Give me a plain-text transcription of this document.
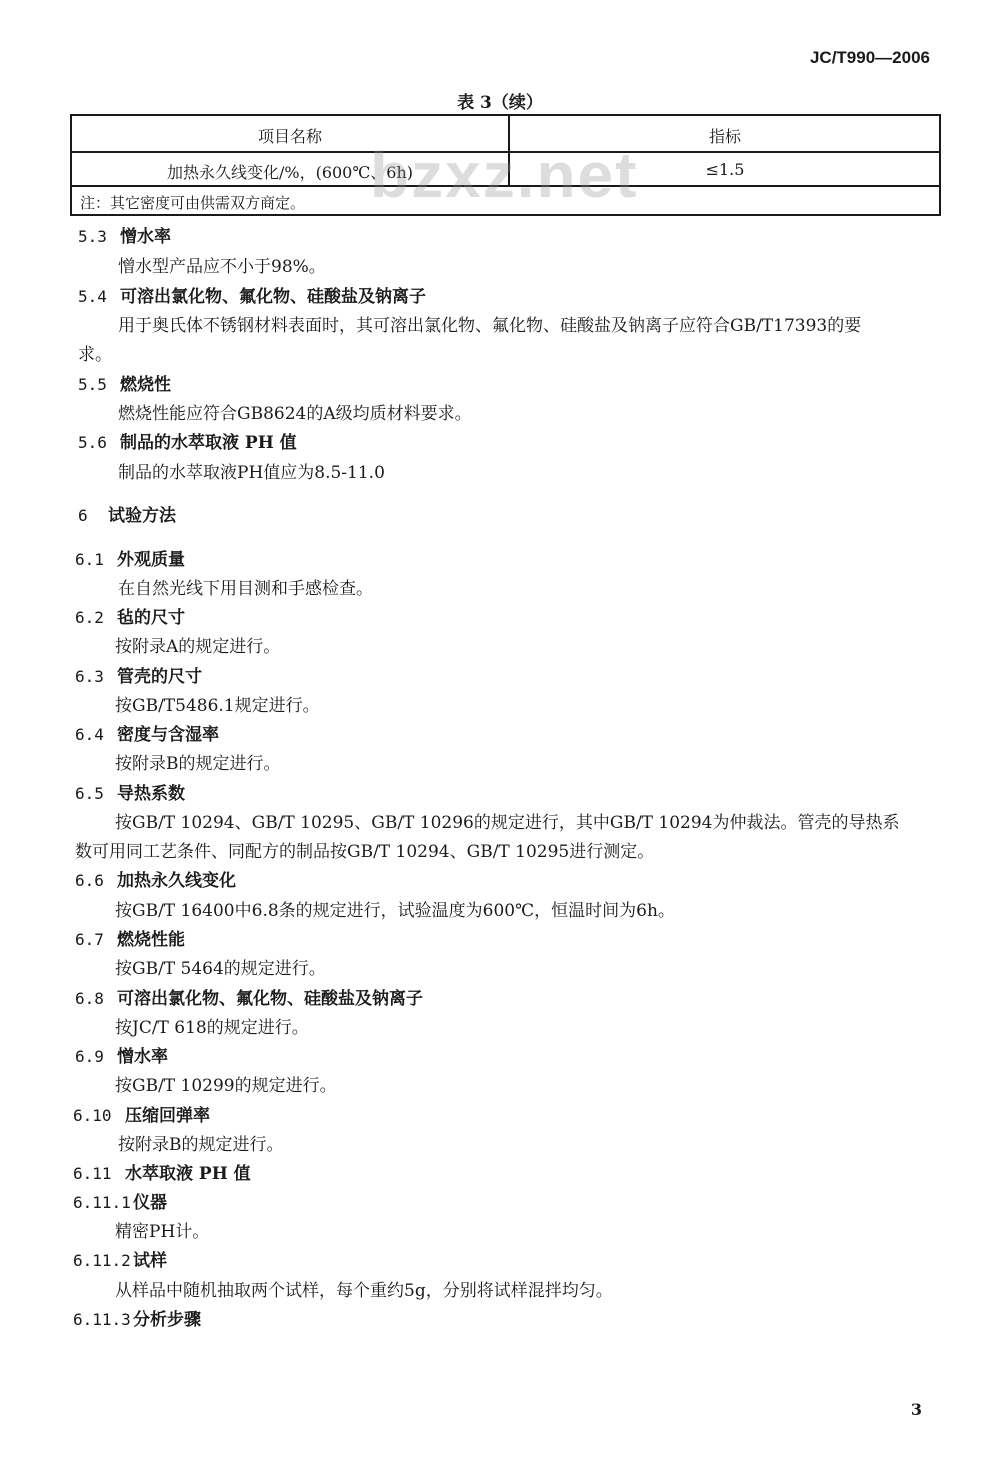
JC/T990—2006
表 3（续）
项目名称	指标
加热永久线变化/%，(600℃、6h)	≤1.5
注：其它密度可由供需双方商定。 bzxz.net
5.3 憎水率
憎水型产品应不小于98%。
5.4 可溶出氯化物、氟化物、硅酸盐及钠离子
用于奥氏体不锈钢材料表面时，其可溶出氯化物、氟化物、硅酸盐及钠离子应符合GB/T17393的要
求。
5.5 燃烧性
燃烧性能应符合GB8624的A级均质材料要求。
5.6 制品的水萃取液 PH 值
制品的水萃取液PH值应为8.5-11.0
6 试验方法
6.1 外观质量
在自然光线下用目测和手感检查。
6.2 毡的尺寸
按附录A的规定进行。
6.3 管壳的尺寸
按GB/T5486.1规定进行。
6.4 密度与含湿率
按附录B的规定进行。
6.5 导热系数
按GB/T 10294、GB/T 10295、GB/T 10296的规定进行，其中GB/T 10294为仲裁法。管壳的导热系
数可用同工艺条件、同配方的制品按GB/T 10294、GB/T 10295进行测定。
6.6 加热永久线变化
按GB/T 16400中6.8条的规定进行，试验温度为600℃，恒温时间为6h。
6.7 燃烧性能
按GB/T 5464的规定进行。
6.8 可溶出氯化物、氟化物、硅酸盐及钠离子
按JC/T 618的规定进行。
6.9 憎水率
按GB/T 10299的规定进行。
6.10 压缩回弹率
按附录B的规定进行。
6.11 水萃取液 PH 值
6.11.1 仪器
精密PH计。
6.11.2 试样
从样品中随机抽取两个试样，每个重约5g，分别将试样混拌均匀。
6.11.3 分析步骤
3
